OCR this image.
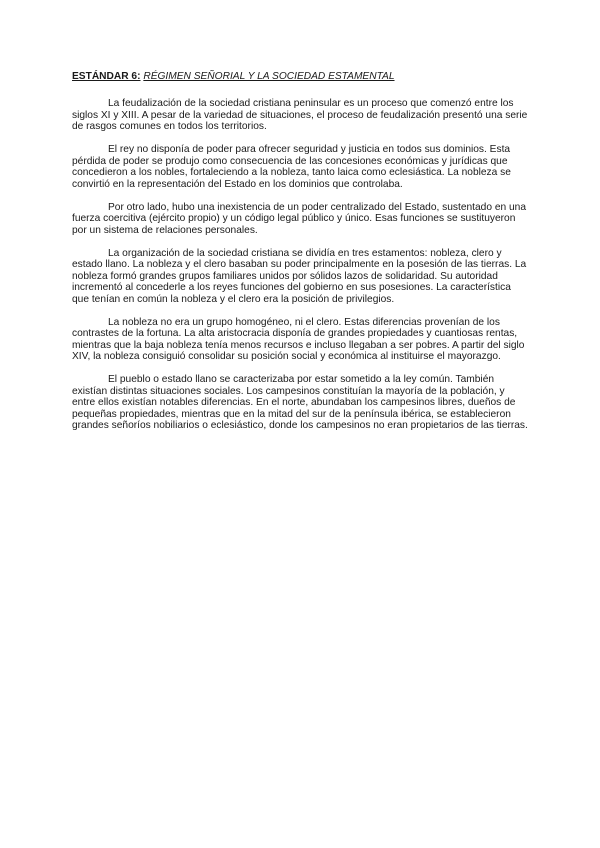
ESTÁNDAR 6: RÉGIMEN SEÑORIAL Y LA SOCIEDAD ESTAMENTAL

La feudalización de la sociedad cristiana peninsular es un proceso que comenzó entre los siglos XI y XIII. A pesar de la variedad de situaciones, el proceso de feudalización presentó una serie de rasgos comunes en todos los territorios.

El rey no disponía de poder para ofrecer seguridad y justicia en todos sus dominios. Esta pérdida de poder se produjo como consecuencia de las concesiones económicas y jurídicas que concedieron a los nobles, fortaleciendo a la nobleza, tanto laica como eclesiástica. La nobleza se convirtió en la representación del Estado en los dominios que controlaba.

Por otro lado, hubo una inexistencia de un poder centralizado del Estado, sustentado en una fuerza coercitiva (ejército propio) y un código legal público y único. Esas funciones se sustituyeron por un sistema de relaciones personales.

La organización de la sociedad cristiana se dividía en tres estamentos: nobleza, clero y estado llano. La nobleza y el clero basaban su poder principalmente en la posesión de las tierras. La nobleza formó grandes grupos familiares unidos por sólidos lazos de solidaridad. Su autoridad incrementó al concederle a los reyes funciones del gobierno en sus posesiones. La característica que tenían en común la nobleza y el clero era la posición de privilegios.

La nobleza no era un grupo homogéneo, ni el clero. Estas diferencias provenían de los contrastes de la fortuna. La alta aristocracia disponía de grandes propiedades y cuantiosas rentas, mientras que la baja nobleza tenía menos recursos e incluso llegaban a ser pobres. A partir del siglo XIV, la nobleza consiguió consolidar su posición social y económica al instituirse el mayorazgo.

El pueblo o estado llano se caracterizaba por estar sometido a la ley común. También existían distintas situaciones sociales. Los campesinos constituían la mayoría de la población, y entre ellos existían notables diferencias. En el norte, abundaban los campesinos libres, dueños de pequeñas propiedades, mientras que en la mitad del sur de la península ibérica, se establecieron grandes señoríos nobiliarios o eclesiástico, donde los campesinos no eran propietarios de las tierras.
